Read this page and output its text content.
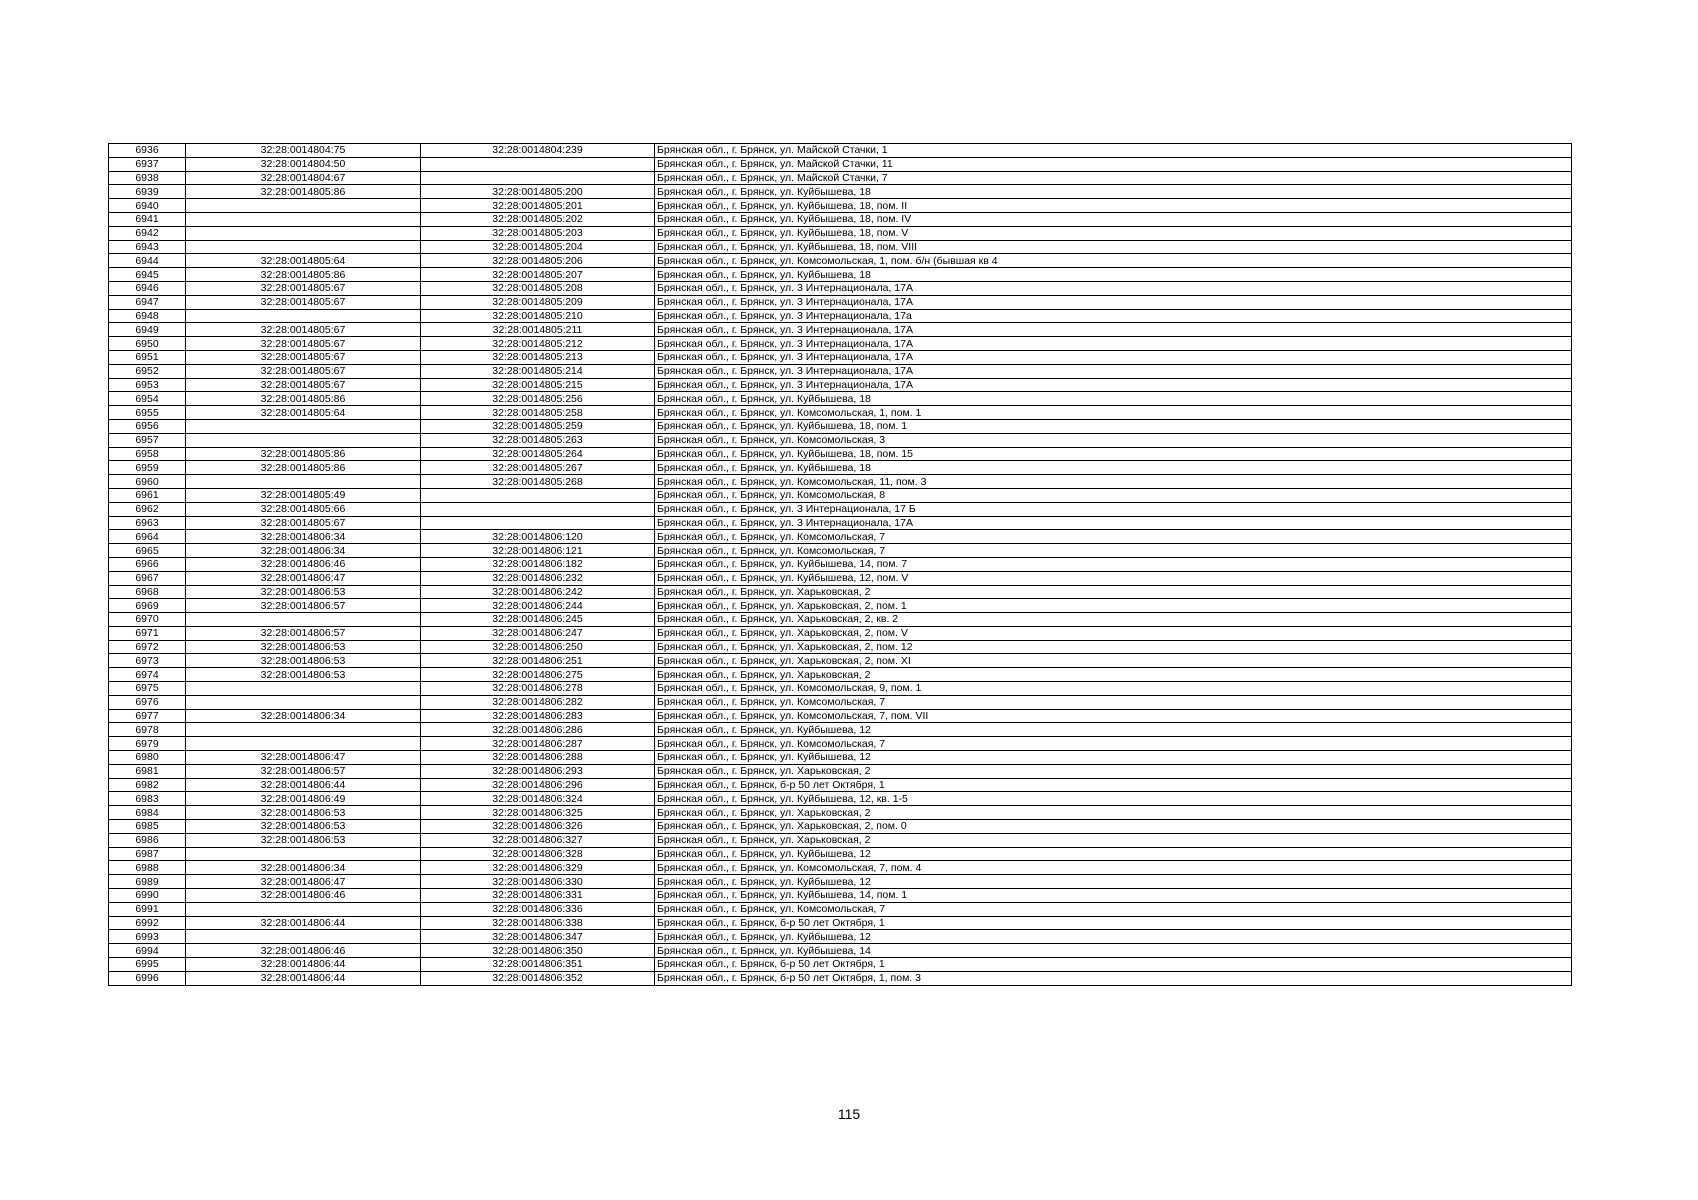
6936	32:28:0014804:75	32:28:0014804:239	Брянская обл., г. Брянск, ул. Майской Стачки, 1
6937	32:28:0014804:50		Брянская обл., г. Брянск, ул. Майской Стачки, 11
6938	32:28:0014804:67		Брянская обл., г. Брянск, ул. Майской Стачки, 7
6939	32:28:0014805:86	32:28:0014805:200	Брянская обл., г. Брянск, ул. Куйбышева, 18
6940		32:28:0014805:201	Брянская обл., г. Брянск, ул. Куйбышева, 18, пом. II
6941		32:28:0014805:202	Брянская обл., г. Брянск, ул. Куйбышева, 18, пом. IV
6942		32:28:0014805:203	Брянская обл., г. Брянск, ул. Куйбышева, 18, пом. V
6943		32:28:0014805:204	Брянская обл., г. Брянск, ул. Куйбышева, 18, пом. VIII
6944	32:28:0014805:64	32:28:0014805:206	Брянская обл., г. Брянск, ул. Комсомольская, 1, пом. б/н (бывшая кв 4
6945	32:28:0014805:86	32:28:0014805:207	Брянская обл., г. Брянск, ул. Куйбышева, 18
6946	32:28:0014805:67	32:28:0014805:208	Брянская обл., г. Брянск, ул. 3 Интернационала, 17А
6947	32:28:0014805:67	32:28:0014805:209	Брянская обл., г. Брянск, ул. 3 Интернационала, 17А
6948		32:28:0014805:210	Брянская обл., г. Брянск, ул. 3 Интернационала, 17а
6949	32:28:0014805:67	32:28:0014805:211	Брянская обл., г. Брянск, ул. 3 Интернационала, 17А
6950	32:28:0014805:67	32:28:0014805:212	Брянская обл., г. Брянск, ул. 3 Интернационала, 17А
6951	32:28:0014805:67	32:28:0014805:213	Брянская обл., г. Брянск, ул. 3 Интернационала, 17А
6952	32:28:0014805:67	32:28:0014805:214	Брянская обл., г. Брянск, ул. 3 Интернационала, 17А
6953	32:28:0014805:67	32:28:0014805:215	Брянская обл., г. Брянск, ул. 3 Интернационала, 17А
6954	32:28:0014805:86	32:28:0014805:256	Брянская обл., г. Брянск, ул. Куйбышева, 18
6955	32:28:0014805:64	32:28:0014805:258	Брянская обл., г. Брянск, ул. Комсомольская, 1, пом. 1
6956		32:28:0014805:259	Брянская обл., г. Брянск, ул. Куйбышева, 18, пом. 1
6957		32:28:0014805:263	Брянская обл., г. Брянск, ул. Комсомольская, 3
6958	32:28:0014805:86	32:28:0014805:264	Брянская обл., г. Брянск, ул. Куйбышева, 18, пом. 15
6959	32:28:0014805:86	32:28:0014805:267	Брянская обл., г. Брянск, ул. Куйбышева, 18
6960		32:28:0014805:268	Брянская обл., г. Брянск, ул. Комсомольская, 11, пом. 3
6961	32:28:0014805:49		Брянская обл., г. Брянск, ул. Комсомольская, 8
6962	32:28:0014805:66		Брянская обл., г. Брянск, ул. 3 Интернационала, 17 Б
6963	32:28:0014805:67		Брянская обл., г. Брянск, ул. 3 Интернационала, 17А
6964	32:28:0014806:34	32:28:0014806:120	Брянская обл., г. Брянск, ул. Комсомольская, 7
6965	32:28:0014806:34	32:28:0014806:121	Брянская обл., г. Брянск, ул. Комсомольская, 7
6966	32:28:0014806:46	32:28:0014806:182	Брянская обл., г. Брянск, ул. Куйбышева, 14, пом. 7
6967	32:28:0014806:47	32:28:0014806:232	Брянская обл., г. Брянск, ул. Куйбышева, 12, пом. V
6968	32:28:0014806:53	32:28:0014806:242	Брянская обл., г. Брянск, ул. Харьковская, 2
6969	32:28:0014806:57	32:28:0014806:244	Брянская обл., г. Брянск, ул. Харьковская, 2, пом. 1
6970		32:28:0014806:245	Брянская обл., г. Брянск, ул. Харьковская, 2, кв. 2
6971	32:28:0014806:57	32:28:0014806:247	Брянская обл., г. Брянск, ул. Харьковская, 2, пом. V
6972	32:28:0014806:53	32:28:0014806:250	Брянская обл., г. Брянск, ул. Харьковская, 2, пом. 12
6973	32:28:0014806:53	32:28:0014806:251	Брянская обл., г. Брянск, ул. Харьковская, 2, пом. XI
6974	32:28:0014806:53	32:28:0014806:275	Брянская обл., г. Брянск, ул. Харьковская, 2
6975		32:28:0014806:278	Брянская обл., г. Брянск, ул. Комсомольская, 9, пом. 1
6976		32:28:0014806:282	Брянская обл., г. Брянск, ул. Комсомольская, 7
6977	32:28:0014806:34	32:28:0014806:283	Брянская обл., г. Брянск, ул. Комсомольская, 7, пом. VII
6978		32:28:0014806:286	Брянская обл., г. Брянск, ул. Куйбышева, 12
6979		32:28:0014806:287	Брянская обл., г. Брянск, ул. Комсомольская, 7
6980	32:28:0014806:47	32:28:0014806:288	Брянская обл., г. Брянск, ул. Куйбышева, 12
6981	32:28:0014806:57	32:28:0014806:293	Брянская обл., г. Брянск, ул. Харьковская, 2
6982	32:28:0014806:44	32:28:0014806:296	Брянская обл., г. Брянск, б-р 50 лет Октября, 1
6983	32:28:0014806:49	32:28:0014806:324	Брянская обл., г. Брянск, ул. Куйбышева, 12, кв. 1-5
6984	32:28:0014806:53	32:28:0014806:325	Брянская обл., г. Брянск, ул. Харьковская, 2
6985	32:28:0014806:53	32:28:0014806:326	Брянская обл., г. Брянск, ул. Харьковская, 2, пом. 0
6986	32:28:0014806:53	32:28:0014806:327	Брянская обл., г. Брянск, ул. Харьковская, 2
6987		32:28:0014806:328	Брянская обл., г. Брянск, ул. Куйбышева, 12
6988	32:28:0014806:34	32:28:0014806:329	Брянская обл., г. Брянск, ул. Комсомольская, 7, пом. 4
6989	32:28:0014806:47	32:28:0014806:330	Брянская обл., г. Брянск, ул. Куйбышева, 12
6990	32:28:0014806:46	32:28:0014806:331	Брянская обл., г. Брянск, ул. Куйбышева, 14, пом. 1
6991		32:28:0014806:336	Брянская обл., г. Брянск, ул. Комсомольская, 7
6992	32:28:0014806:44	32:28:0014806:338	Брянская обл., г. Брянск, б-р 50 лет Октября, 1
6993		32:28:0014806:347	Брянская обл., г. Брянск, ул. Куйбышева, 12
6994	32:28:0014806:46	32:28:0014806:350	Брянская обл., г. Брянск, ул. Куйбышева, 14
6995	32:28:0014806:44	32:28:0014806:351	Брянская обл., г. Брянск, б-р 50 лет Октября, 1
6996	32:28:0014806:44	32:28:0014806:352	Брянская обл., г. Брянск, б-р 50 лет Октября, 1, пом. 3
115
